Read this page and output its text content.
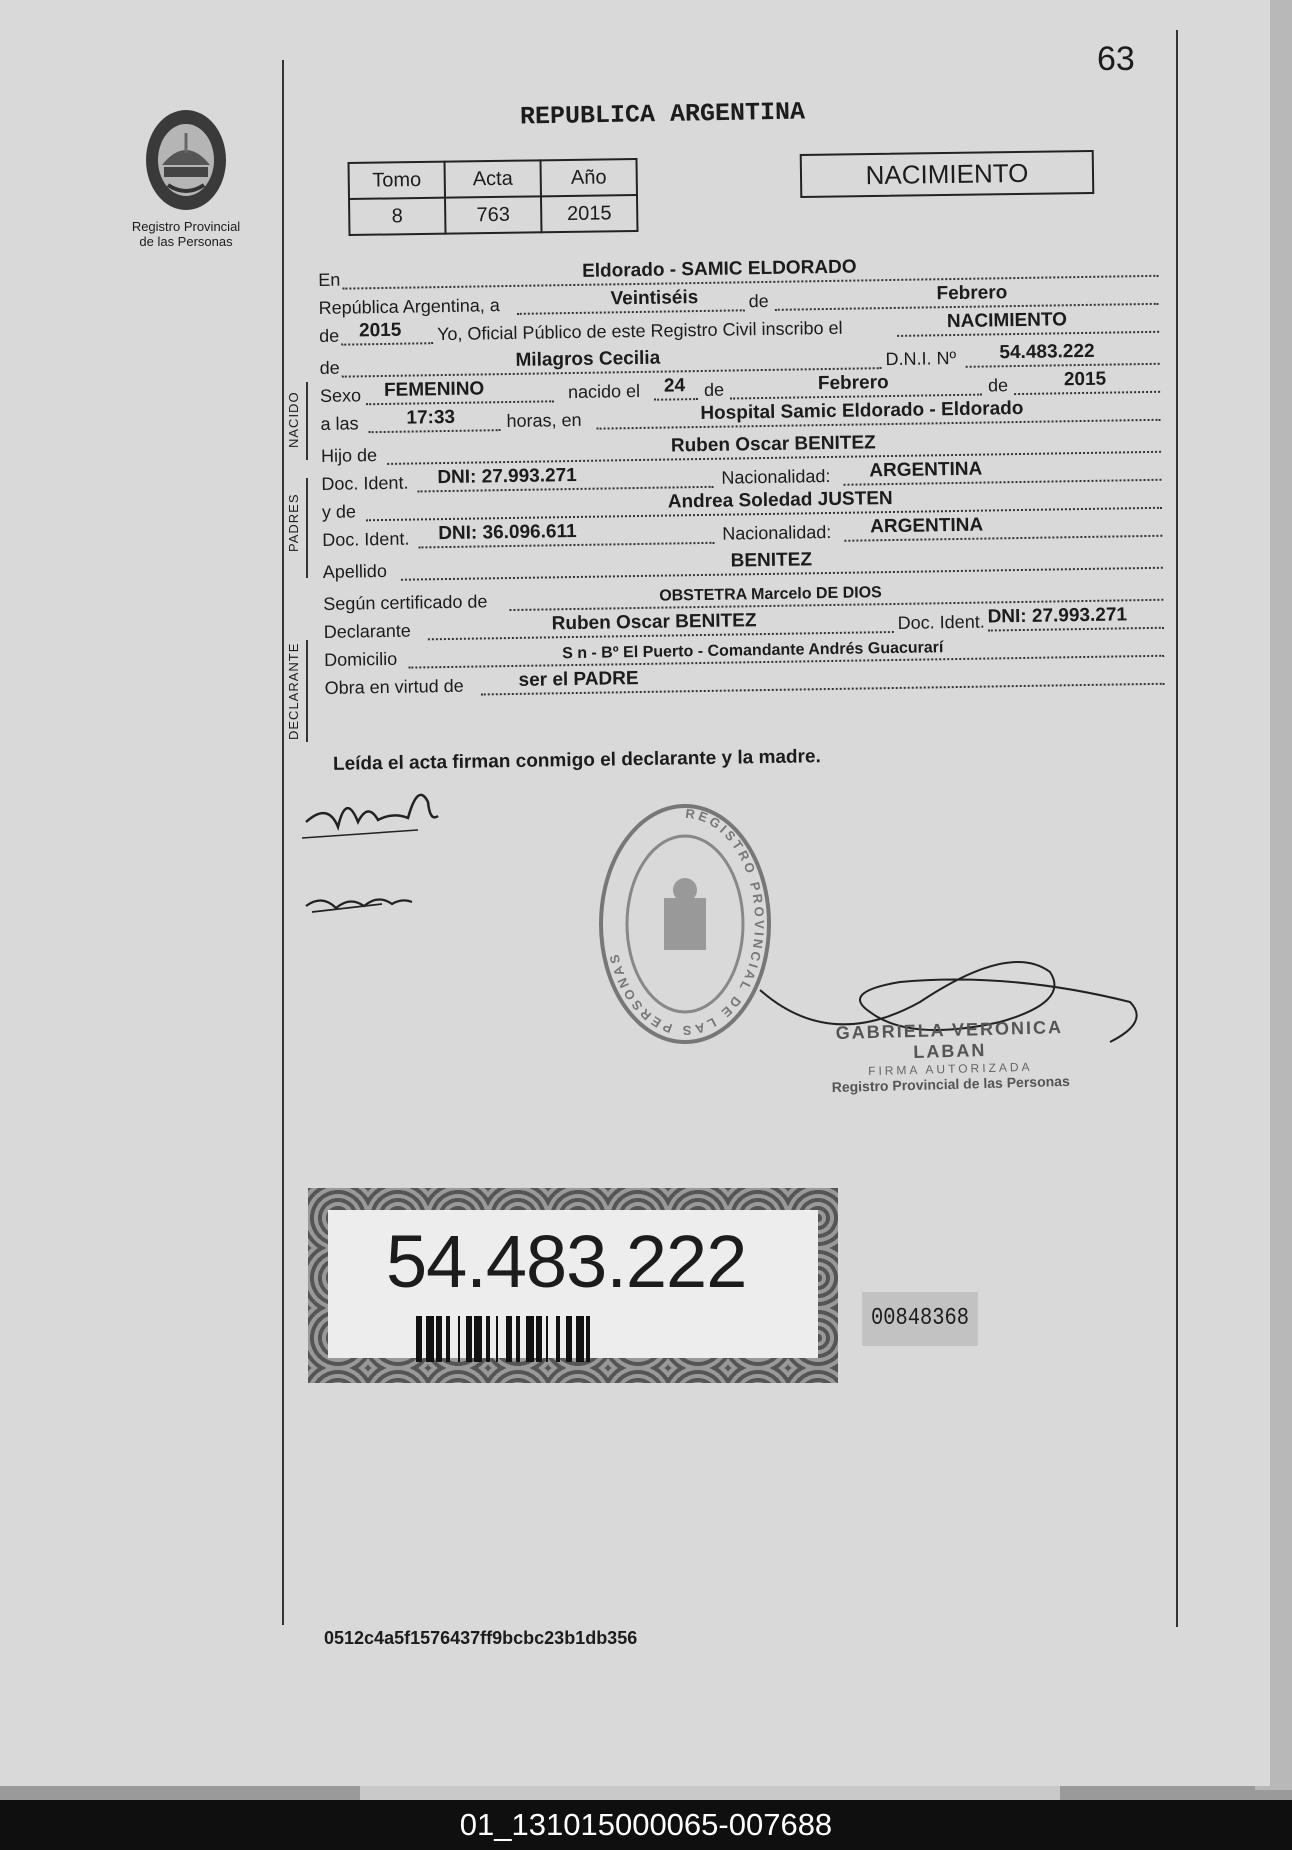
63
Registro Provincial
de las Personas
REPUBLICA ARGENTINA
NACIMIENTO
Tomo	Acta	Año
8	763	2015
NACIDO
PADRES
DECLARANTE
En	Eldorado - SAMIC ELDORADO
República Argentina, a	Veintiséis	de	Febrero
de 2015 Yo, Oficial Público de este Registro Civil inscribo el	NACIMIENTO
de	Milagros Cecilia	D.N.I. Nº 54.483.222
Sexo FEMENINO	nacido el 24 de	Febrero	de	2015
a las	17:33	horas, en	Hospital Samic Eldorado - Eldorado
Hijo de	Ruben Oscar BENITEZ
Doc. Ident. DNI: 27.993.271	Nacionalidad: ARGENTINA
y de	Andrea Soledad JUSTEN
Doc. Ident. DNI: 36.096.611	Nacionalidad: ARGENTINA
Apellido	BENITEZ
Según certificado de	OBSTETRA Marcelo DE DIOS
Declarante	Ruben Oscar BENITEZ	Doc. Ident. DNI: 27.993.271
Domicilio	S n - Bº El Puerto - Comandante Andrés Guacurarí
Obra en virtud de	ser el PADRE
Leída el acta firman conmigo el declarante y la madre.
REGISTRO PROVINCIAL DE LAS PERSONAS
GABRIELA VERONICA LABAN
FIRMA AUTORIZADA
Registro Provincial de las Personas
54.483.222
00848368
0512c4a5f1576437ff9bcbc23b1db356
01_131015000065-007688
